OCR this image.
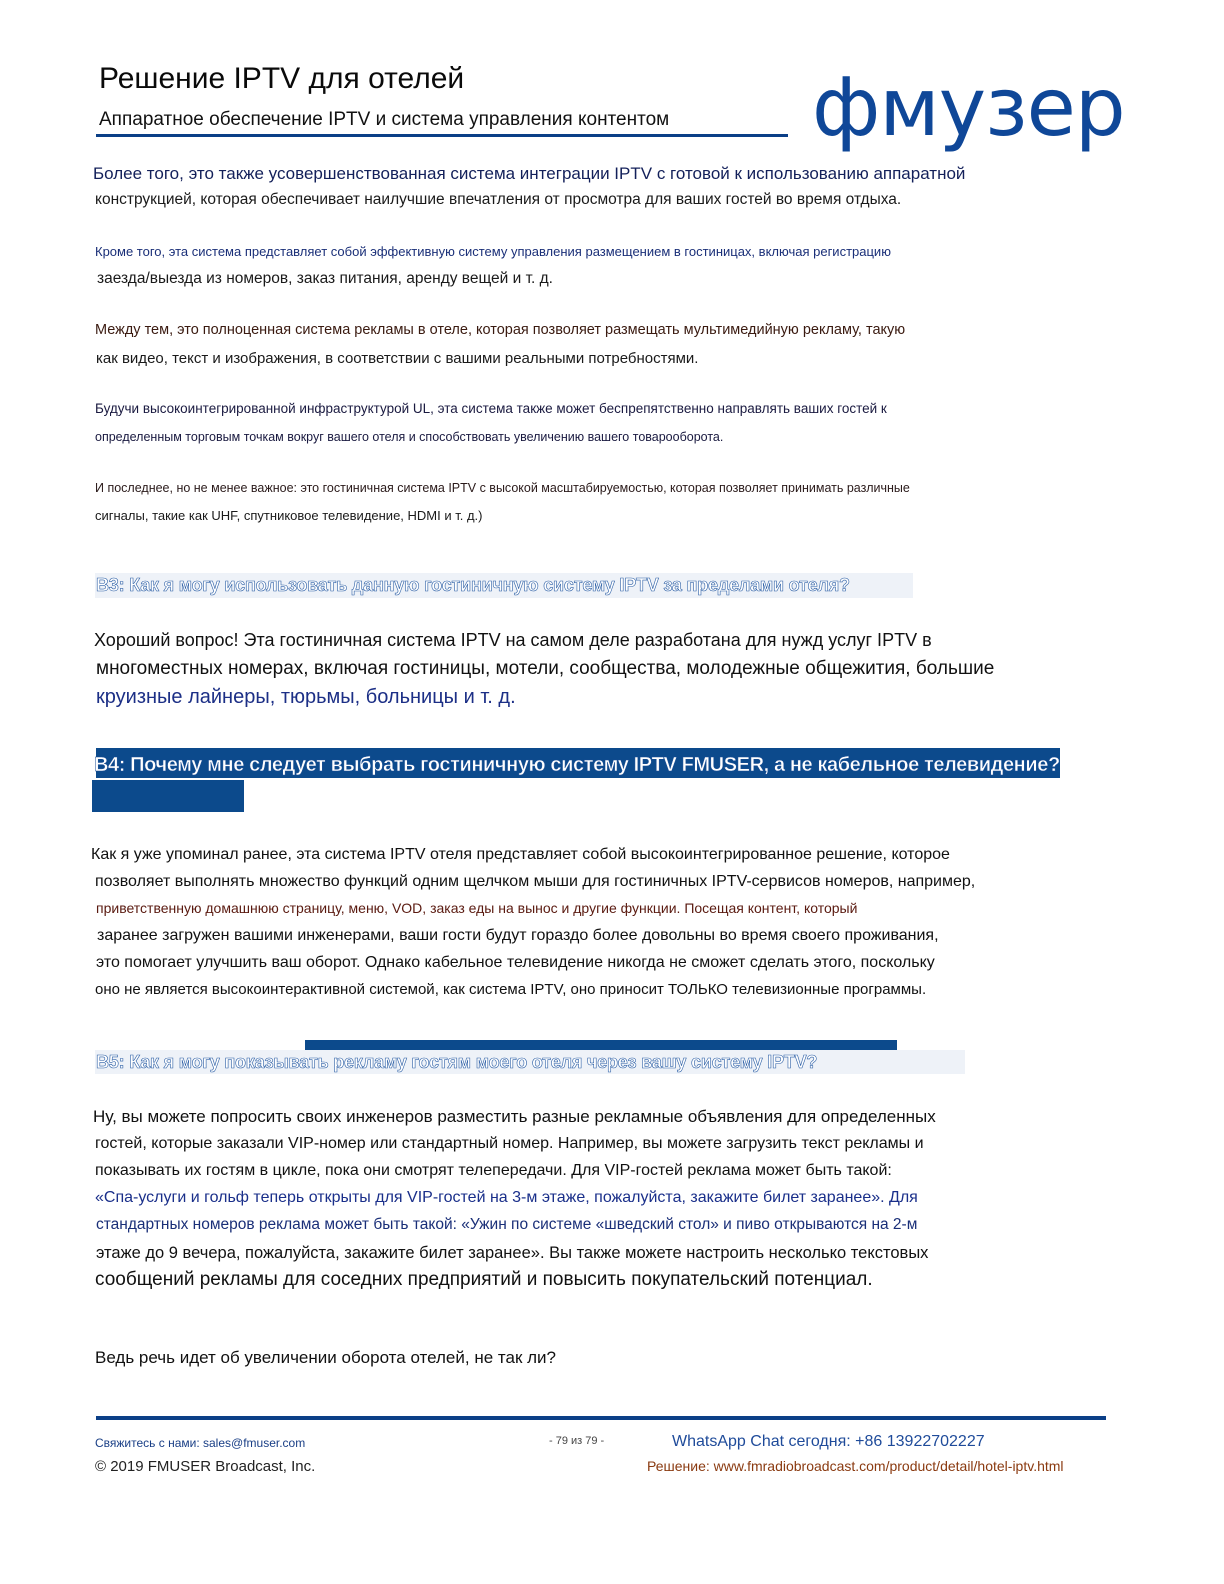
Решение IPTV для отелей
Аппаратное обеспечение IPTV и система управления контентом фмузер
Более того, это также усовершенствованная система интеграции IPTV с готовой к использованию аппаратной
конструкцией, которая обеспечивает наилучшие впечатления от просмотра для ваших гостей во время отдыха.
Кроме того, эта система представляет собой эффективную систему управления размещением в гостиницах, включая регистрацию
заезда/выезда из номеров, заказ питания, аренду вещей и т. д.
Между тем, это полноценная система рекламы в отеле, которая позволяет размещать мультимедийную рекламу, такую
как видео, текст и изображения, в соответствии с вашими реальными потребностями.
Будучи высокоинтегрированной инфраструктурой UL, эта система также может беспрепятственно направлять ваших гостей к
определенным торговым точкам вокруг вашего отеля и способствовать увеличению вашего товарооборота.
И последнее, но не менее важное: это гостиничная система IPTV с высокой масштабируемостью, которая позволяет принимать различные
сигналы, такие как UHF, спутниковое телевидение, HDMI и т. д.)
В3: Как я могу использовать данную гостиничную систему IPTV за пределами отеля?
Хороший вопрос! Эта гостиничная система IPTV на самом деле разработана для нужд услуг IPTV в
многоместных номерах, включая гостиницы, мотели, сообщества, молодежные общежития, большие
круизные лайнеры, тюрьмы, больницы и т. д.
В4: Почему мне следует выбрать гостиничную систему IPTV FMUSER, а не кабельное телевидение?
Как я уже упоминал ранее, эта система IPTV отеля представляет собой высокоинтегрированное решение, которое
позволяет выполнять множество функций одним щелчком мыши для гостиничных IPTV-сервисов номеров, например,
приветственную домашнюю страницу, меню, VOD, заказ еды на вынос и другие функции. Посещая контент, который
заранее загружен вашими инженерами, ваши гости будут гораздо более довольны во время своего проживания,
это помогает улучшить ваш оборот. Однако кабельное телевидение никогда не сможет сделать этого, поскольку
оно не является высокоинтерактивной системой, как система IPTV, оно приносит ТОЛЬКО телевизионные программы.
В5: Как я могу показывать рекламу гостям моего отеля через вашу систему IPTV?
Ну, вы можете попросить своих инженеров разместить разные рекламные объявления для определенных
гостей, которые заказали VIP-номер или стандартный номер. Например, вы можете загрузить текст рекламы и
показывать их гостям в цикле, пока они смотрят телепередачи. Для VIP-гостей реклама может быть такой:
«Спа-услуги и гольф теперь открыты для VIP-гостей на 3-м этаже, пожалуйста, закажите билет заранее». Для
стандартных номеров реклама может быть такой: «Ужин по системе «шведский стол» и пиво открываются на 2-м
этаже до 9 вечера, пожалуйста, закажите билет заранее». Вы также можете настроить несколько текстовых
сообщений рекламы для соседних предприятий и повысить покупательский потенциал.
Ведь речь идет об увеличении оборота отелей, не так ли?
Свяжитесь с нами: sales@fmuser.com
© 2019 FMUSER Broadcast, Inc.
- 79 из 79 -	WhatsApp Chat сегодня: +86 13922702227
Решение: www.fmradiobroadcast.com/product/detail/hotel-iptv.html
